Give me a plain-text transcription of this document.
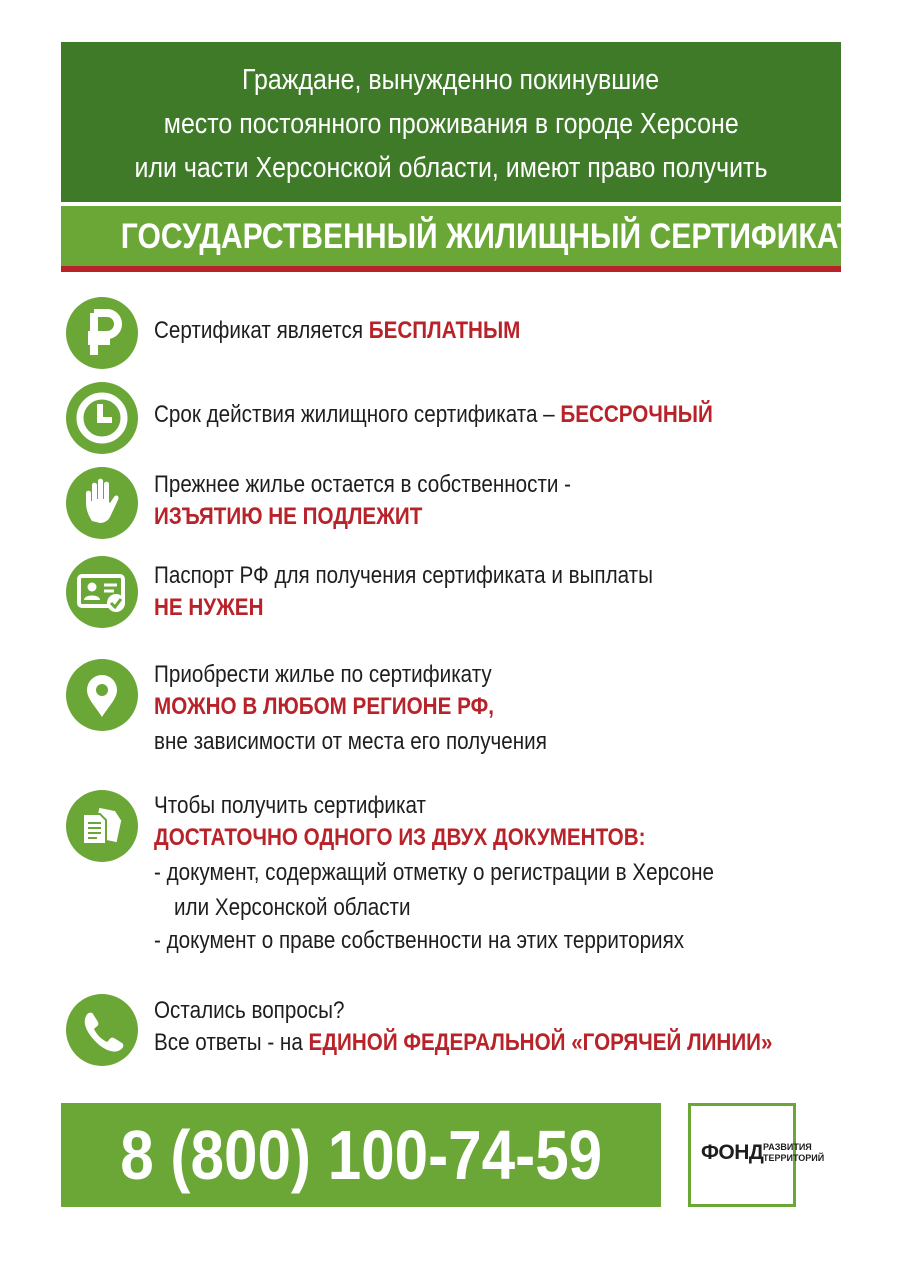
Граждане, вынужденно покинувшие
место постоянного проживания в городе Херсоне
или части Херсонской области, имеют право получить
ГОСУДАРСТВЕННЫЙ ЖИЛИЩНЫЙ СЕРТИФИКАТ
Сертификат является БЕСПЛАТНЫМ
Срок действия жилищного сертификата – БЕССРОЧНЫЙ
Прежнее жилье остается в собственности -
ИЗЪЯТИЮ НЕ ПОДЛЕЖИТ
Паспорт РФ для получения сертификата и выплаты
НЕ НУЖЕН
Приобрести жилье по сертификату
МОЖНО В ЛЮБОМ РЕГИОНЕ РФ,
вне зависимости от места его получения
Чтобы получить сертификат
ДОСТАТОЧНО ОДНОГО ИЗ ДВУХ ДОКУМЕНТОВ:
- документ, содержащий отметку о регистрации в Херсоне
или Херсонской области
- документ о праве собственности на этих территориях
Остались вопросы?
Все ответы - на ЕДИНОЙ ФЕДЕРАЛЬНОЙ «ГОРЯЧЕЙ ЛИНИИ»
8 (800) 100-74-59	ФОНД РАЗВИТИЯ
ТЕРРИТОРИЙ
